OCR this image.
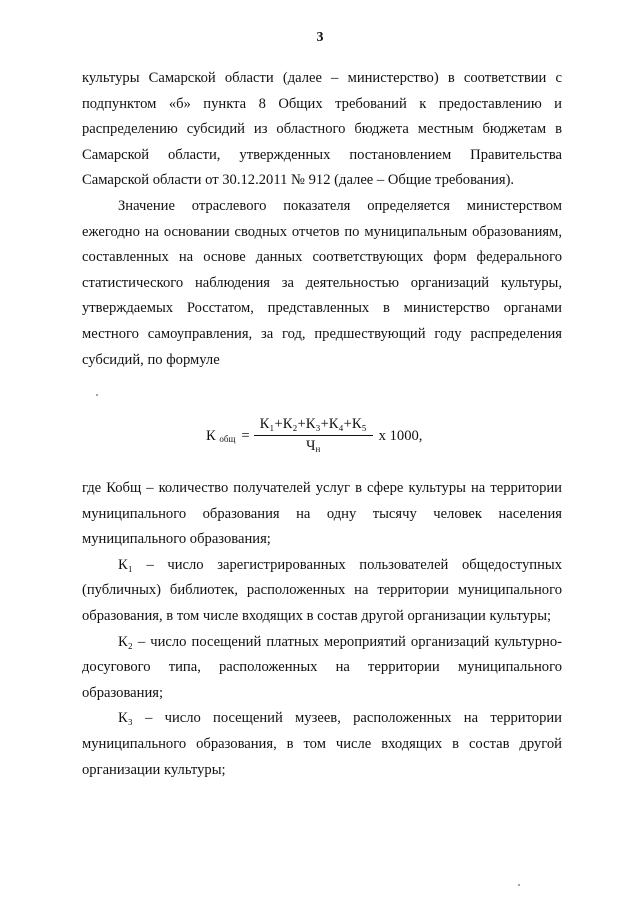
3

культуры Самарской области (далее – министерство) в соответствии с подпунктом «б» пункта 8 Общих требований к предоставлению и распределению субсидий из областного бюджета местным бюджетам в Самарской области, утвержденных постановлением Правительства Самарской области от 30.12.2011 № 912 (далее – Общие требования).

Значение отраслевого показателя определяется министерством ежегодно на основании сводных отчетов по муниципальным образованиям, составленных на основе данных соответствующих форм федерального статистического наблюдения за деятельностью организаций культуры, утверждаемых Росстатом, представленных в министерство органами местного самоуправления, за год, предшествующий году распределения субсидий, по формуле

К $_{общ} = \frac{\text{К₁+К₂+К₃+К₄+К₅}}{Ч_н}$ х 1000,

где Кобщ – количество получателей услуг в сфере культуры на территории муниципального образования на одну тысячу человек населения муниципального образования;

К₁ – число зарегистрированных пользователей общедоступных (публичных) библиотек, расположенных на территории муниципального образования, в том числе входящих в состав другой организации культуры;

К₂ – число посещений платных мероприятий организаций культурно-досугового типа, расположенных на территории муниципального образования;

К₃ – число посещений музеев, расположенных на территории муниципального образования, в том числе входящих в состав другой организации культуры;
